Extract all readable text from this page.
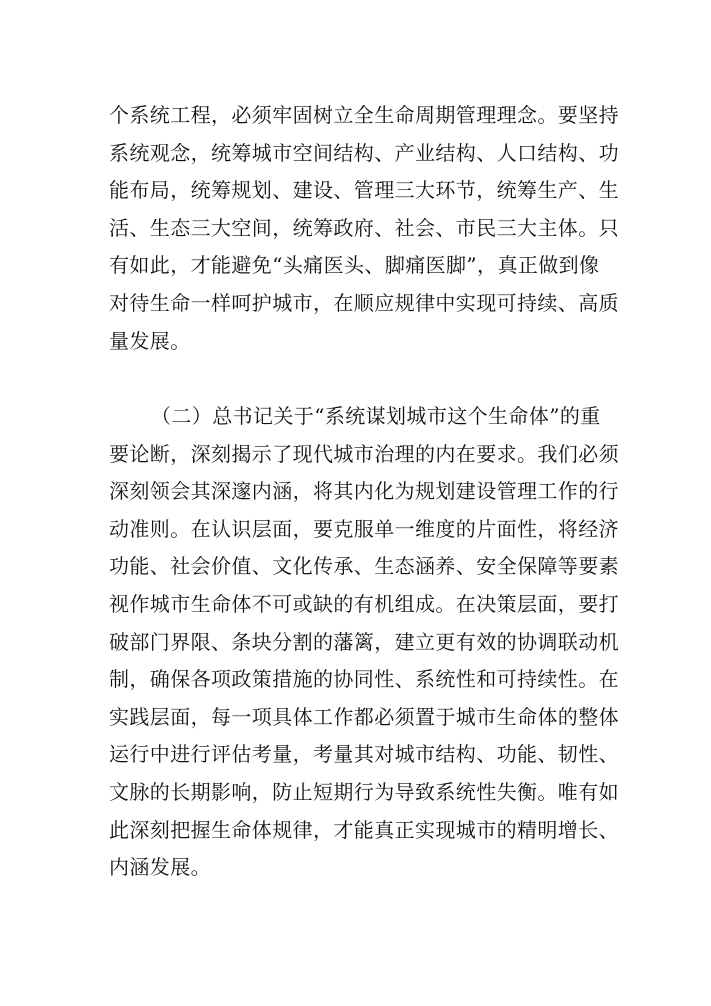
个系统工程，必须牢固树立全生命周期管理理念。要坚持
系统观念，统筹城市空间结构、产业结构、人口结构、功
能布局，统筹规划、建设、管理三大环节，统筹生产、生
活、生态三大空间，统筹政府、社会、市民三大主体。只
有如此，才能避免“头痛医头、脚痛医脚”，真正做到像
对待生命一样呵护城市，在顺应规律中实现可持续、高质
量发展。
（二）总书记关于“系统谋划城市这个生命体”的重
要论断，深刻揭示了现代城市治理的内在要求。我们必须
深刻领会其深邃内涵，将其内化为规划建设管理工作的行
动准则。在认识层面，要克服单一维度的片面性，将经济
功能、社会价值、文化传承、生态涵养、安全保障等要素
视作城市生命体不可或缺的有机组成。在决策层面，要打
破部门界限、条块分割的藩篱，建立更有效的协调联动机
制，确保各项政策措施的协同性、系统性和可持续性。在
实践层面，每一项具体工作都必须置于城市生命体的整体
运行中进行评估考量，考量其对城市结构、功能、韧性、
文脉的长期影响，防止短期行为导致系统性失衡。唯有如
此深刻把握生命体规律，才能真正实现城市的精明增长、
内涵发展。
